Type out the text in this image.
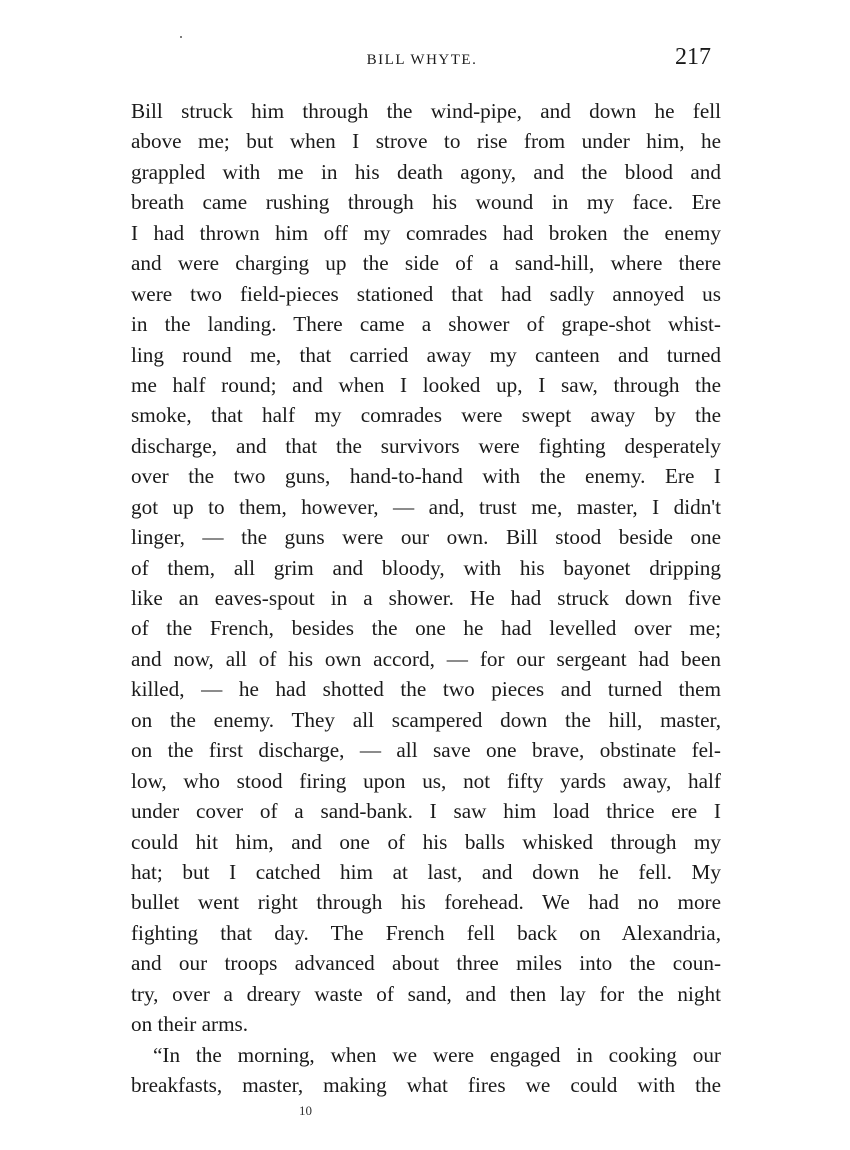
BILL WHYTE.	217
Bill struck him through the wind-pipe, and down he fell
above me; but when I strove to rise from under him, he
grappled with me in his death agony, and the blood and
breath came rushing through his wound in my face. Ere
I had thrown him off my comrades had broken the enemy
and were charging up the side of a sand-hill, where there
were two field-pieces stationed that had sadly annoyed us
in the landing. There came a shower of grape-shot whist-
ling round me, that carried away my canteen and turned
me half round; and when I looked up, I saw, through the
smoke, that half my comrades were swept away by the
discharge, and that the survivors were fighting desperately
over the two guns, hand-to-hand with the enemy. Ere I
got up to them, however, — and, trust me, master, I didn't
linger, — the guns were our own. Bill stood beside one
of them, all grim and bloody, with his bayonet dripping
like an eaves-spout in a shower. He had struck down five
of the French, besides the one he had levelled over me;
and now, all of his own accord, — for our sergeant had been
killed, — he had shotted the two pieces and turned them
on the enemy. They all scampered down the hill, master,
on the first discharge, — all save one brave, obstinate fel-
low, who stood firing upon us, not fifty yards away, half
under cover of a sand-bank. I saw him load thrice ere I
could hit him, and one of his balls whisked through my
hat; but I catched him at last, and down he fell. My
bullet went right through his forehead. We had no more
fighting that day. The French fell back on Alexandria,
and our troops advanced about three miles into the coun-
try, over a dreary waste of sand, and then lay for the night
on their arms.
“In the morning, when we were engaged in cooking our
breakfasts, master, making what fires we could with the
10
